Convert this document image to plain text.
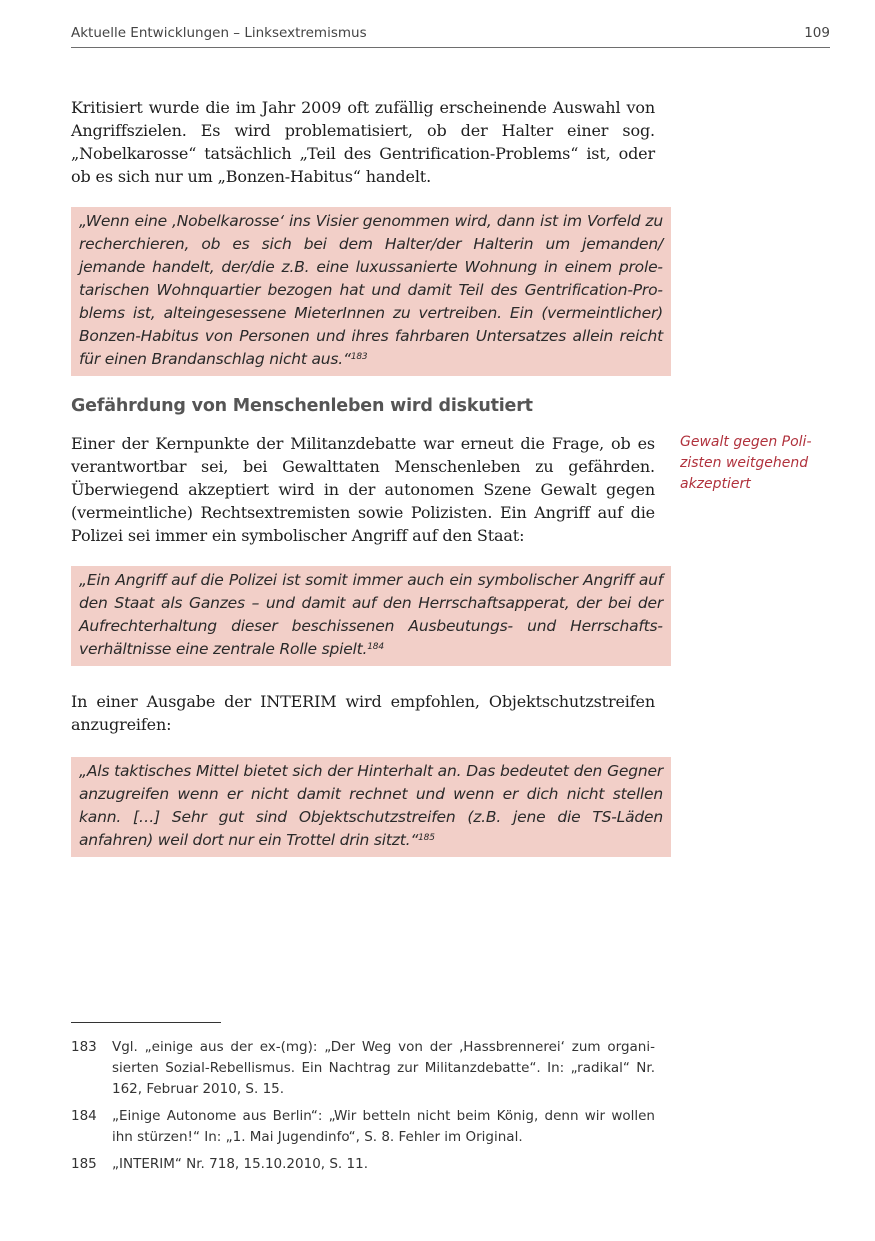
Aktuelle Entwicklungen – Linksextremismus	109

Kritisiert wurde die im Jahr 2009 oft zufällig erscheinende Auswahl von Angriffszielen. Es wird problematisiert, ob der Halter einer sog. „Nobelkarosse“ tatsächlich „Teil des Gentrification-Problems“ ist, oder ob es sich nur um „Bonzen-Habitus“ handelt.

„Wenn eine ‚Nobelkarosse‘ ins Visier genommen wird, dann ist im Vorfeld zu recherchieren, ob es sich bei dem Halter/der Halterin um jemanden/ jemande handelt, der/die z.B. eine luxussanierte Wohnung in einem proletarischen Wohnquartier bezogen hat und damit Teil des Gentrification-Problems ist, alteingesessene MieterInnen zu vertreiben. Ein (vermeintlicher) Bonzen-Habitus von Personen und ihres fahrbaren Untersatzes allein reicht für einen Brandanschlag nicht aus.“$^{183}$
Gefährdung von Menschenleben wird diskutiert

Einer der Kernpunkte der Militanzdebatte war erneut die Frage, ob es verantwortbar sei, bei Gewalttaten Menschenleben zu gefährden. Überwiegend akzeptiert wird in der autonomen Szene Gewalt gegen (vermeintliche) Rechtsextremisten sowie Polizisten. Ein Angriff auf die Polizei sei immer ein symbolischer Angriff auf den Staat:

Gewalt gegen Polizisten weitgehend akzeptiert
„Ein Angriff auf die Polizei ist somit immer auch ein symbolischer Angriff auf den Staat als Ganzes – und damit auf den Herrschaftsapperat, der bei der Aufrechterhaltung dieser beschissenen Ausbeutungs- und Herrschaftsverhältnisse eine zentrale Rolle spielt.$^{184}$

In einer Ausgabe der INTERIM wird empfohlen, Objektschutzstreifen anzugreifen:

„Als taktisches Mittel bietet sich der Hinterhalt an. Das bedeutet den Gegner anzugreifen wenn er nicht damit rechnet und wenn er dich nicht stellen kann. […] Sehr gut sind Objektschutzstreifen (z.B. jene die TS-Läden anfahren) weil dort nur ein Trottel drin sitzt.“$^{185}$
183	Vgl. „einige aus der ex-(mg): „Der Weg von der ‚Hassbrennerei‘ zum organisierten Sozial-Rebellismus. Ein Nachtrag zur Militanzdebatte“. In: „radikal“ Nr. 162, Februar 2010, S. 15.
184	„Einige Autonome aus Berlin“: „Wir betteln nicht beim König, denn wir wollen ihn stürzen!“ In: „1. Mai Jugendinfo“, S. 8. Fehler im Original.
185	„INTERIM“ Nr. 718, 15.10.2010, S. 11.
